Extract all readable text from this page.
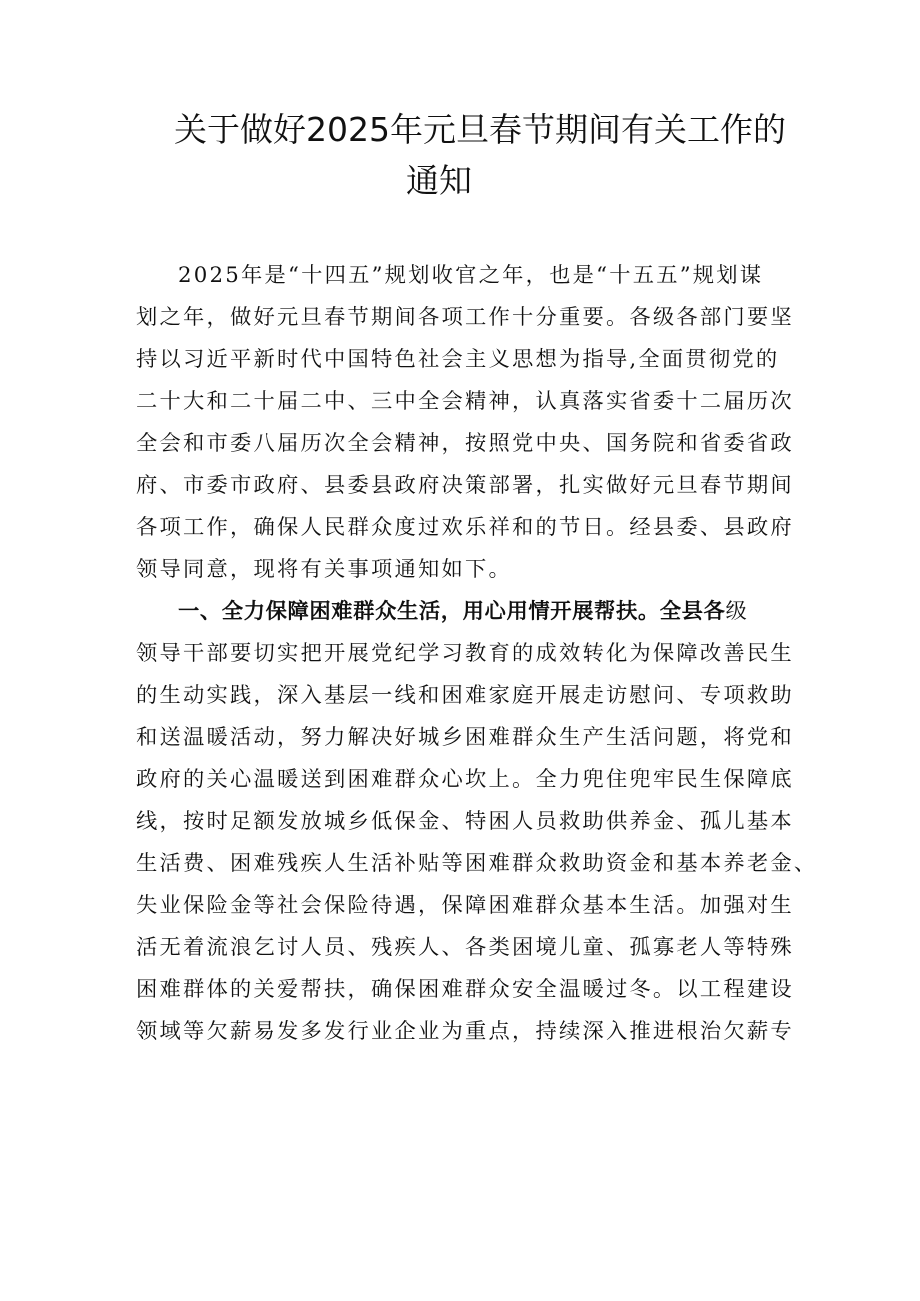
关于做好2025年元旦春节期间有关工作的
通知
2025年是“十四五”规划收官之年，也是“十五五”规划谋
划之年，做好元旦春节期间各项工作十分重要。各级各部门要坚
持以习近平新时代中国特色社会主义思想为指导,全面贯彻党的
二十大和二十届二中、三中全会精神，认真落实省委十二届历次
全会和市委八届历次全会精神，按照党中央、国务院和省委省政
府、市委市政府、县委县政府决策部署，扎实做好元旦春节期间
各项工作，确保人民群众度过欢乐祥和的节日。经县委、县政府
领导同意，现将有关事项通知如下。
一、全力保障困难群众生活，用心用情开展帮扶。全县各级
领导干部要切实把开展党纪学习教育的成效转化为保障改善民生
的生动实践，深入基层一线和困难家庭开展走访慰问、专项救助
和送温暖活动，努力解决好城乡困难群众生产生活问题，将党和
政府的关心温暖送到困难群众心坎上。全力兜住兜牢民生保障底
线，按时足额发放城乡低保金、特困人员救助供养金、孤儿基本
生活费、困难残疾人生活补贴等困难群众救助资金和基本养老金、
失业保险金等社会保险待遇，保障困难群众基本生活。加强对生
活无着流浪乞讨人员、残疾人、各类困境儿童、孤寡老人等特殊
困难群体的关爱帮扶，确保困难群众安全温暖过冬。以工程建设
领域等欠薪易发多发行业企业为重点，持续深入推进根治欠薪专
